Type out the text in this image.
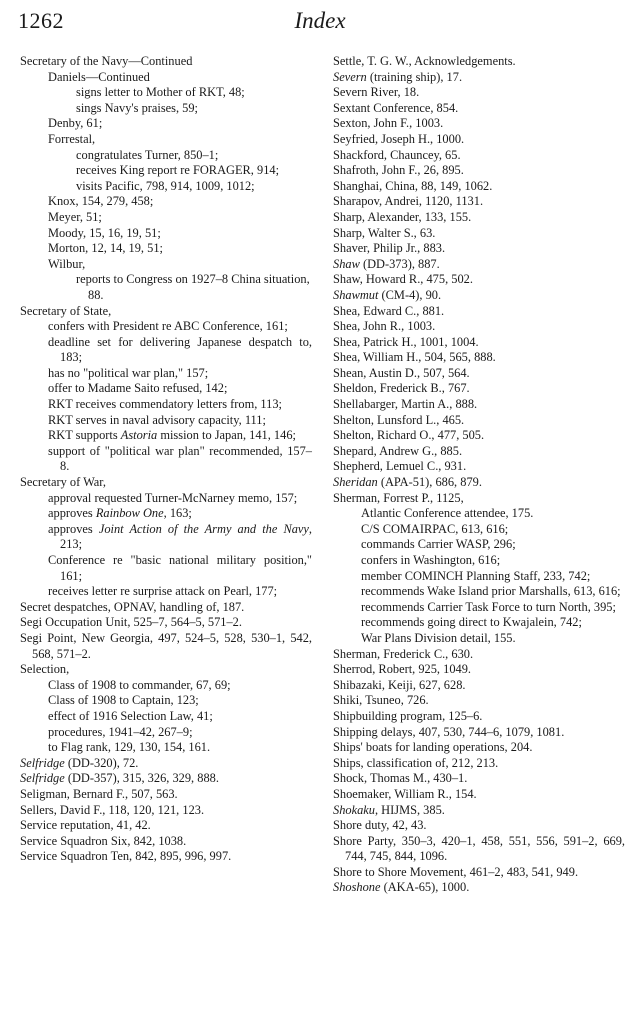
1262	Index

Secretary of the Navy—Continued

Daniels—Continued

signs letter to Mother of RKT, 48;

sings Navy's praises, 59;

Denby, 61;

Forrestal,

congratulates Turner, 850–1;

receives King report re FORAGER, 914;

visits Pacific, 798, 914, 1009, 1012;

Knox, 154, 279, 458;

Meyer, 51;

Moody, 15, 16, 19, 51;

Morton, 12, 14, 19, 51;

Wilbur,

reports to Congress on 1927–8 China situation, 88.

Secretary of State,

confers with President re ABC Conference, 161;

deadline set for delivering Japanese despatch to, 183;

has no "political war plan," 157;

offer to Madame Saito refused, 142;

RKT receives commendatory letters from, 113;

RKT serves in naval advisory capacity, 111;

RKT supports Astoria mission to Japan, 141, 146;

support of "political war plan" recommended, 157–8.

Secretary of War,

approval requested Turner-McNarney memo, 157;

approves Rainbow One, 163;

approves Joint Action of the Army and the Navy, 213;

Conference re "basic national military position," 161;

receives letter re surprise attack on Pearl, 177;

Secret despatches, OPNAV, handling of, 187.

Segi Occupation Unit, 525–7, 564–5, 571–2.

Segi Point, New Georgia, 497, 524–5, 528, 530–1, 542, 568, 571–2.

Selection,

Class of 1908 to commander, 67, 69;

Class of 1908 to Captain, 123;

effect of 1916 Selection Law, 41;

procedures, 1941–42, 267–9;

to Flag rank, 129, 130, 154, 161.

Selfridge (DD-320), 72.

Selfridge (DD-357), 315, 326, 329, 888.

Seligman, Bernard F., 507, 563.

Sellers, David F., 118, 120, 121, 123.

Service reputation, 41, 42.

Service Squadron Six, 842, 1038.

Service Squadron Ten, 842, 895, 996, 997.

Settle, T. G. W., Acknowledgements.

Severn (training ship), 17.

Severn River, 18.

Sextant Conference, 854.

Sexton, John F., 1003.

Seyfried, Joseph H., 1000.

Shackford, Chauncey, 65.

Shafroth, John F., 26, 895.

Shanghai, China, 88, 149, 1062.

Sharapov, Andrei, 1120, 1131.

Sharp, Alexander, 133, 155.

Sharp, Walter S., 63.

Shaver, Philip Jr., 883.

Shaw (DD-373), 887.

Shaw, Howard R., 475, 502.

Shawmut (CM-4), 90.

Shea, Edward C., 881.

Shea, John R., 1003.

Shea, Patrick H., 1001, 1004.

Shea, William H., 504, 565, 888.

Shean, Austin D., 507, 564.

Sheldon, Frederick B., 767.

Shellabarger, Martin A., 888.

Shelton, Lunsford L., 465.

Shelton, Richard O., 477, 505.

Shepard, Andrew G., 885.

Shepherd, Lemuel C., 931.

Sheridan (APA-51), 686, 879.

Sherman, Forrest P., 1125,

Atlantic Conference attendee, 175.

C/S COMAIRPAC, 613, 616;

commands Carrier WASP, 296;

confers in Washington, 616;

member COMINCH Planning Staff, 233, 742;

recommends Wake Island prior Marshalls, 613, 616;

recommends Carrier Task Force to turn North, 395;

recommends going direct to Kwajalein, 742;

War Plans Division detail, 155.

Sherman, Frederick C., 630.

Sherrod, Robert, 925, 1049.

Shibazaki, Keiji, 627, 628.

Shiki, Tsuneo, 726.

Shipbuilding program, 125–6.

Shipping delays, 407, 530, 744–6, 1079, 1081.

Ships' boats for landing operations, 204.

Ships, classification of, 212, 213.

Shock, Thomas M., 430–1.

Shoemaker, William R., 154.

Shokaku, HIJMS, 385.

Shore duty, 42, 43.

Shore Party, 350–3, 420–1, 458, 551, 556, 591–2, 669, 744, 745, 844, 1096.

Shore to Shore Movement, 461–2, 483, 541, 949.

Shoshone (AKA-65), 1000.
